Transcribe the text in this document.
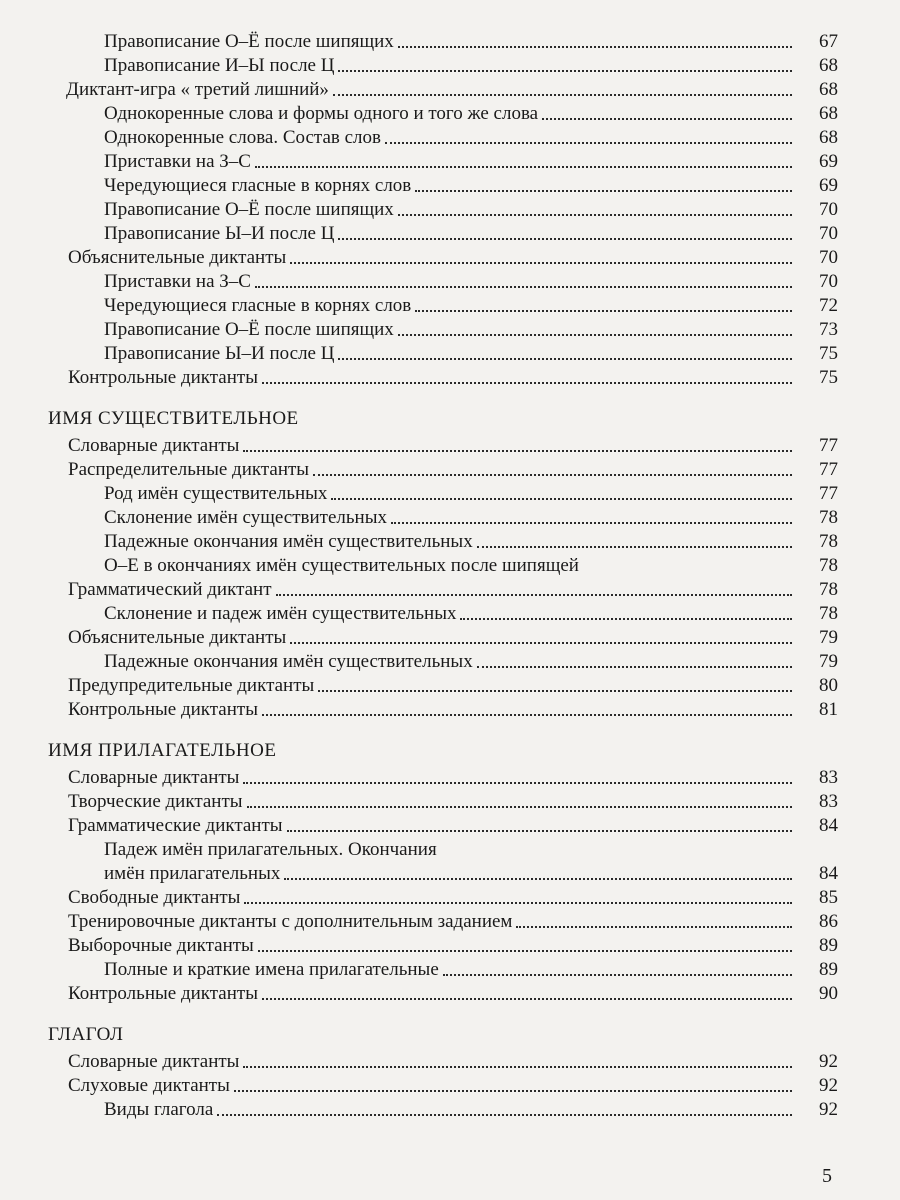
Правописание О–Ё после шипящих	67
Правописание И–Ы после Ц	68
Диктант-игра « третий лишний»	68
Однокоренные слова и формы одного и того же слова	68
Однокоренные слова. Состав слов	68
Приставки на З–С	69
Чередующиеся гласные в корнях слов	69
Правописание О–Ё после шипящих	70
Правописание Ы–И после Ц	70
Объяснительные диктанты	70
Приставки на З–С	70
Чередующиеся гласные в корнях слов	72
Правописание О–Ё после шипящих	73
Правописание Ы–И после Ц	75
Контрольные диктанты	75
ИМЯ СУЩЕСТВИТЕЛЬНОЕ
Словарные диктанты	77
Распределительные диктанты	77
Род имён существительных	77
Склонение имён существительных	78
Падежные окончания имён существительных	78
О–Е в окончаниях имён существительных после шипящей	78
Грамматический диктант	78
Склонение и падеж имён существительных	78
Объяснительные диктанты	79
Падежные окончания имён существительных	79
Предупредительные диктанты	80
Контрольные диктанты	81
ИМЯ ПРИЛАГАТЕЛЬНОЕ
Словарные диктанты	83
Творческие диктанты	83
Грамматические диктанты	84
Падеж имён прилагательных. Окончания
имён прилагательных	84
Свободные диктанты	85
Тренировочные диктанты с дополнительным заданием	86
Выборочные диктанты	89
Полные и краткие имена прилагательные	89
Контрольные диктанты	90
ГЛАГОЛ
Словарные диктанты	92
Слуховые диктанты	92
Виды глагола	92
5
